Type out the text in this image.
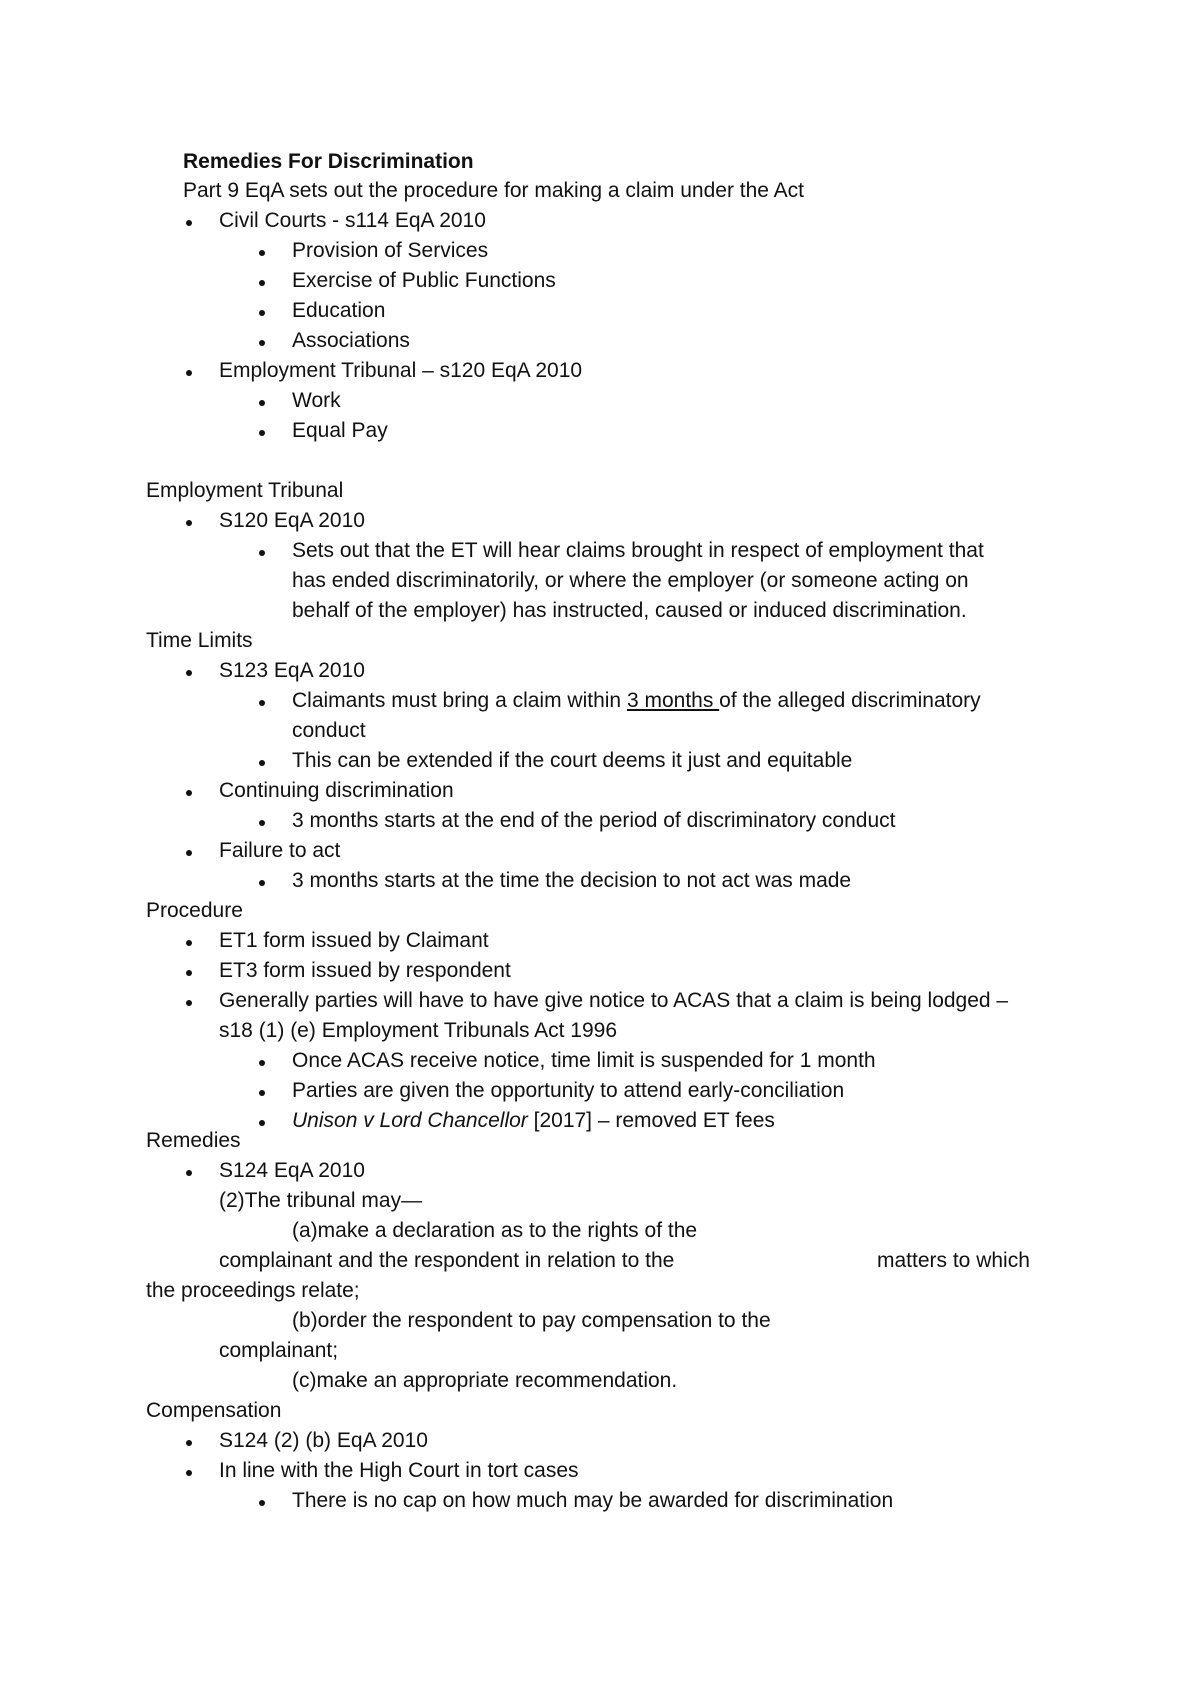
Remedies For Discrimination
Part 9 EqA sets out the procedure for making a claim under the Act
Civil Courts - s114 EqA 2010
Provision of Services
Exercise of Public Functions
Education
Associations
Employment Tribunal – s120 EqA 2010
Work
Equal Pay
Employment Tribunal
S120 EqA 2010
Sets out that the ET will hear claims brought in respect of employment that
has ended discriminatorily, or where the employer (or someone acting on
behalf of the employer) has instructed, caused or induced discrimination.
Time Limits
S123 EqA 2010
Claimants must bring a claim within 3 months of the alleged discriminatory
conduct
This can be extended if the court deems it just and equitable
Continuing discrimination
3 months starts at the end of the period of discriminatory conduct
Failure to act
3 months starts at the time the decision to not act was made
Procedure
ET1 form issued by Claimant
ET3 form issued by respondent
Generally parties will have to have give notice to ACAS that a claim is being lodged –
s18 (1) (e) Employment Tribunals Act 1996
Once ACAS receive notice, time limit is suspended for 1 month
Parties are given the opportunity to attend early-conciliation
Unison v Lord Chancellor [2017] – removed ET fees
Remedies
S124 EqA 2010
(2)The tribunal may—
(a)make a declaration as to the rights of the
complainant and the respondent in relation to the	matters to which
the proceedings relate;
(b)order the respondent to pay compensation to the
complainant;
(c)make an appropriate recommendation.
Compensation
S124 (2) (b) EqA 2010
In line with the High Court in tort cases
There is no cap on how much may be awarded for discrimination
